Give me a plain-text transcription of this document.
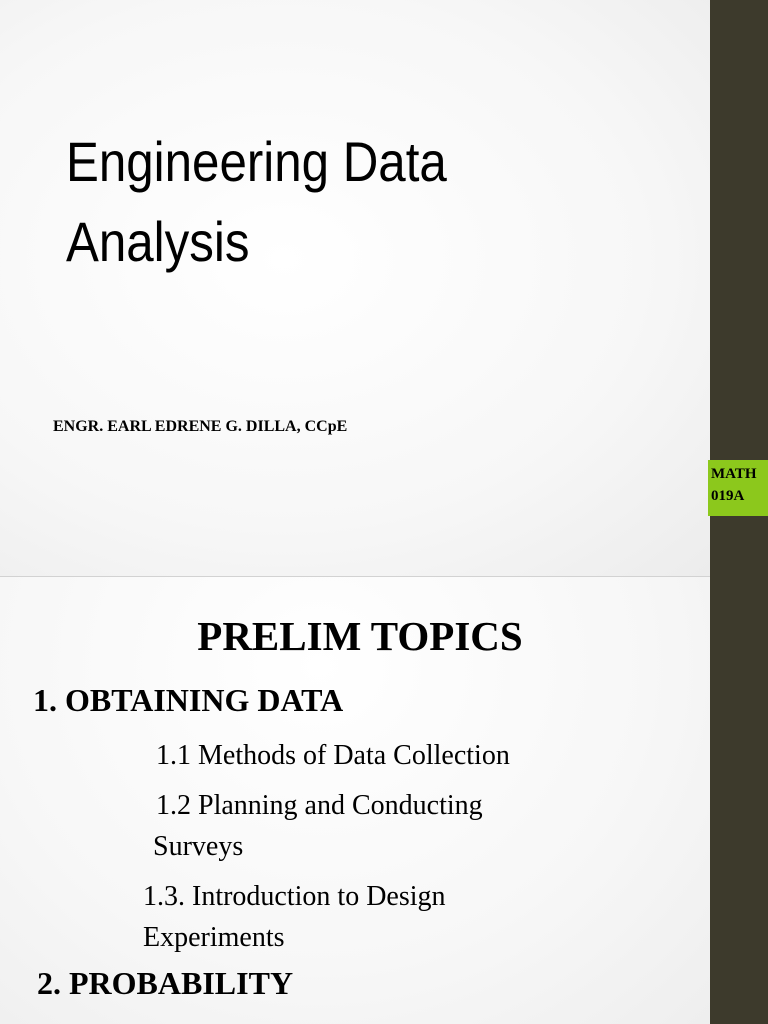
Engineering Data
Analysis
ENGR. EARL EDRENE G. DILLA, CCpE
MATH
019A
PRELIM TOPICS
1. OBTAINING DATA
1.1 Methods of Data Collection
1.2 Planning and Conducting
Surveys
1.3. Introduction to Design
Experiments
2. PROBABILITY
